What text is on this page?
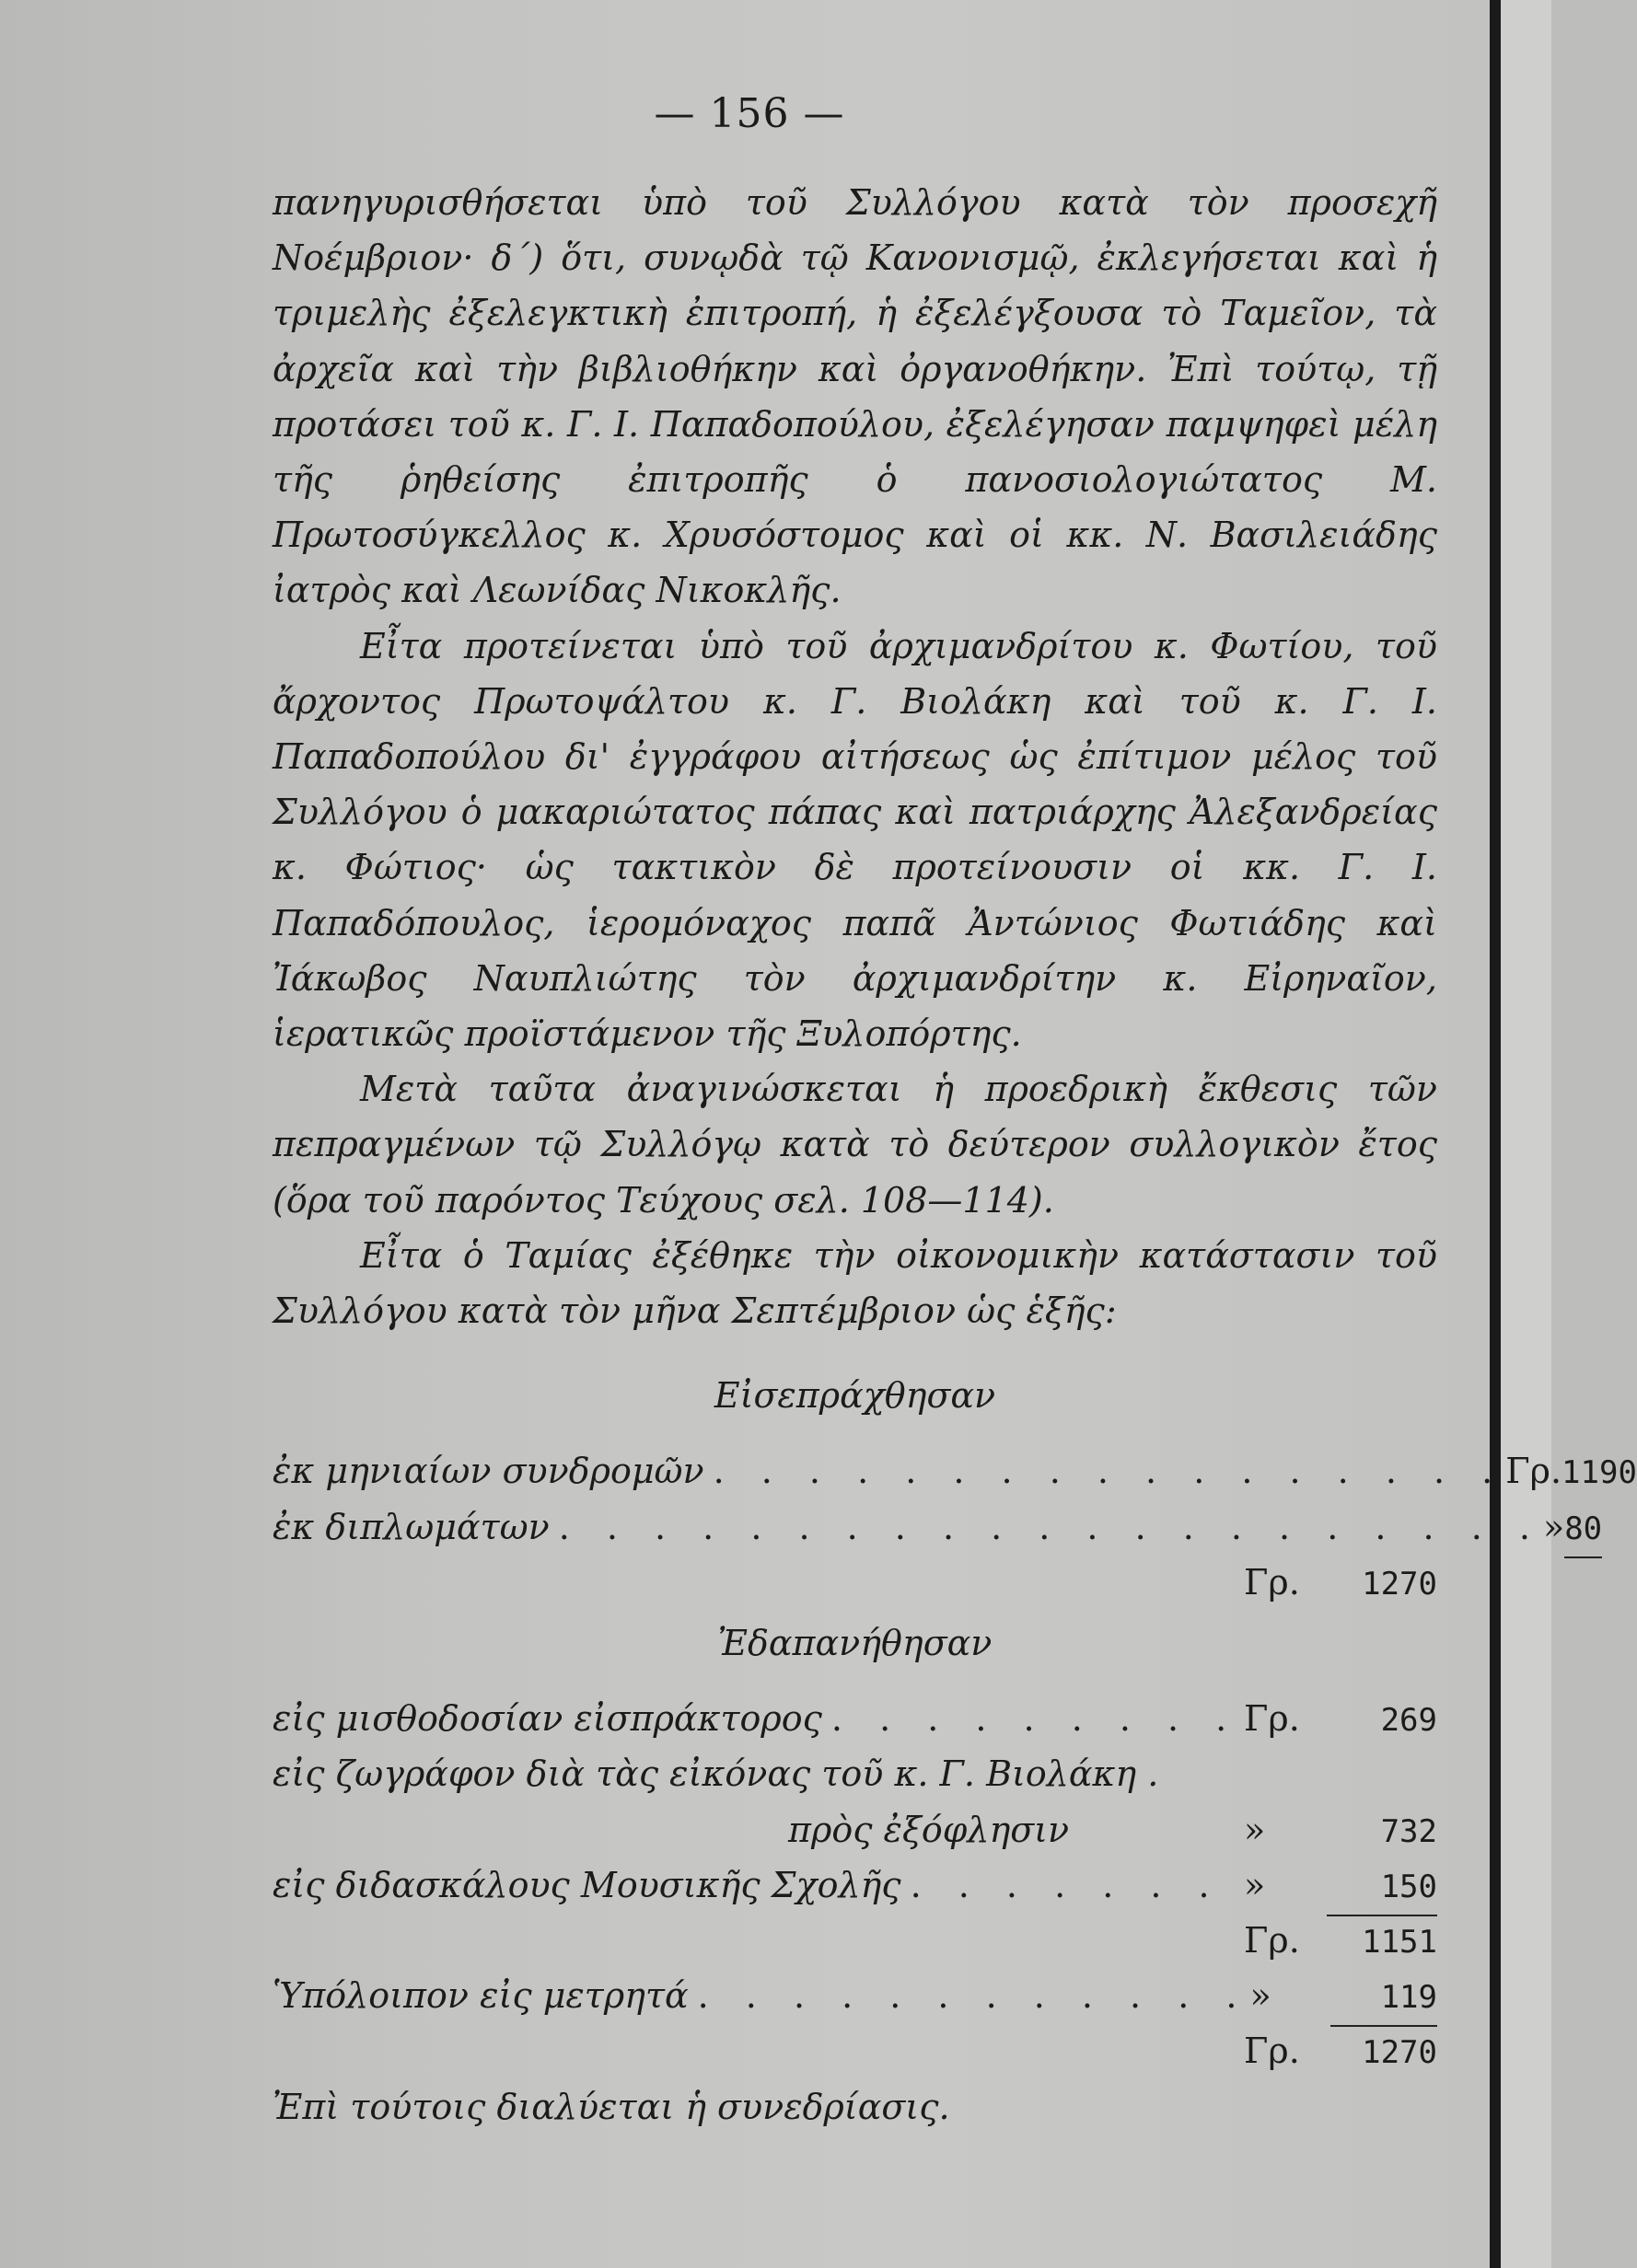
— 156 —

πανηγυρισθήσεται ὑπὸ τοῦ Συλλόγου κατὰ τὸν προσεχῆ Νοέμβριον· δ΄) ὅτι, συνῳδὰ τῷ Κανονισμῷ, ἐκλεγήσεται καὶ ἡ τριμελὴς ἐξελεγκτικὴ ἐπιτροπή, ἡ ἐξελέγξουσα τὸ Ταμεῖον, τὰ ἀρχεῖα καὶ τὴν βιβλιοθήκην καὶ ὀργανοθήκην. Ἐπὶ τούτῳ, τῇ προτάσει τοῦ κ. Γ. Ι. Παπαδοπούλου, ἐξελέγησαν παμψηφεὶ μέλη τῆς ῥηθείσης ἐπιτροπῆς ὁ πανοσιολογιώτατος Μ. Πρωτοσύγκελλος κ. Χρυσόστομος καὶ οἱ κκ. Ν. Βασιλειάδης ἰατρὸς καὶ Λεωνίδας Νικοκλῆς.

Εἶτα προτείνεται ὑπὸ τοῦ ἀρχιμανδρίτου κ. Φωτίου, τοῦ ἄρχοντος Πρωτοψάλτου κ. Γ. Βιολάκη καὶ τοῦ κ. Γ. Ι. Παπαδοπούλου δι' ἐγγράφου αἰτήσεως ὡς ἐπίτιμον μέλος τοῦ Συλλόγου ὁ μακαριώτατος πάπας καὶ πατριάρχης Ἀλεξανδρείας κ. Φώτιος· ὡς τακτικὸν δὲ προτείνουσιν οἱ κκ. Γ. Ι. Παπαδόπουλος, ἱερομόναχος παπᾶ Ἀντώνιος Φωτιάδης καὶ Ἰάκωβος Ναυπλιώτης τὸν ἀρχιμανδρίτην κ. Εἰρηναῖον, ἱερατικῶς προϊστάμενον τῆς Ξυλοπόρτης.

Μετὰ ταῦτα ἀναγινώσκεται ἡ προεδρικὴ ἔκθεσις τῶν πεπραγμένων τῷ Συλλόγῳ κατὰ τὸ δεύτερον συλλογικὸν ἔτος (ὅρα τοῦ παρόντος Τεύχους σελ. 108—114).

Εἶτα ὁ Ταμίας ἐξέθηκε τὴν οἰκονομικὴν κατάστασιν τοῦ Συλλόγου κατὰ τὸν μῆνα Σεπτέμβριον ὡς ἑξῆς:

Εἰσεπράχθησαν
ἐκ μηνιαίων συνδρομῶν . . . . . . . . . . . . . . . . . Γρ. 1190
ἐκ διπλωμάτων . . . . . . . . . . . . . . . . . . . . . » 80
Γρ.	1270
Ἐδαπανήθησαν
εἰς μισθοδοσίαν εἰσπράκτορος . . . . . . . . . Γρ.	269
εἰς ζωγράφον διὰ τὰς εἰκόνας τοῦ κ. Γ. Βιολάκη .
πρὸς ἐξόφλησιν	»	732
εἰς διδασκάλους Μουσικῆς Σχολῆς . . . . . . . »	150
Γρ.	1151
Ὑπόλοιπον εἰς μετρητά . . . . . . . . . . . . »	119
Γρ.	1270

Ἐπὶ τούτοις διαλύεται ἡ συνεδρίασις.
